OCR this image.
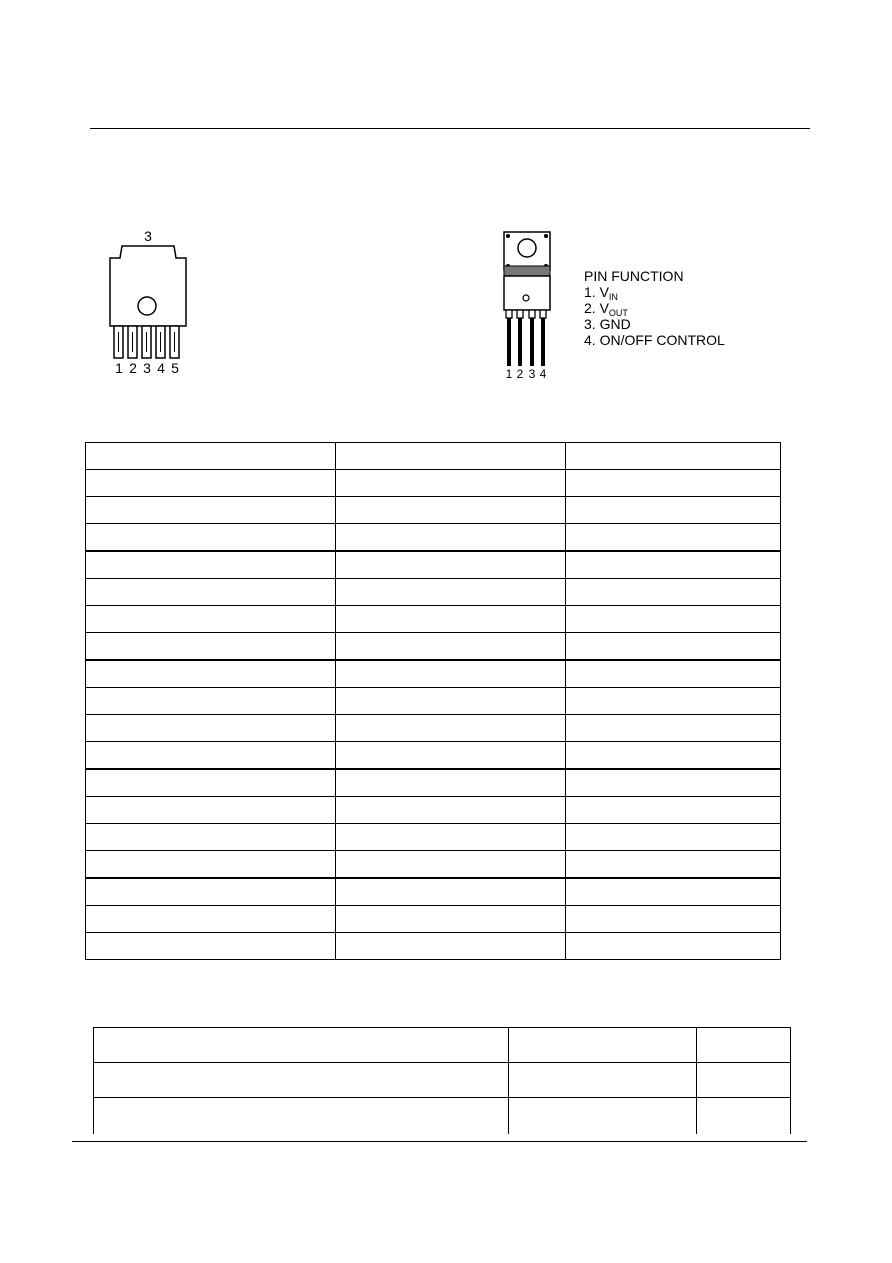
3
1 2 3 4 5	1 2 3 4
PIN FUNCTION
1. $V_{IN}$
2. $V_{OUT}$
3. GND
4. ON/OFF CONTROL
